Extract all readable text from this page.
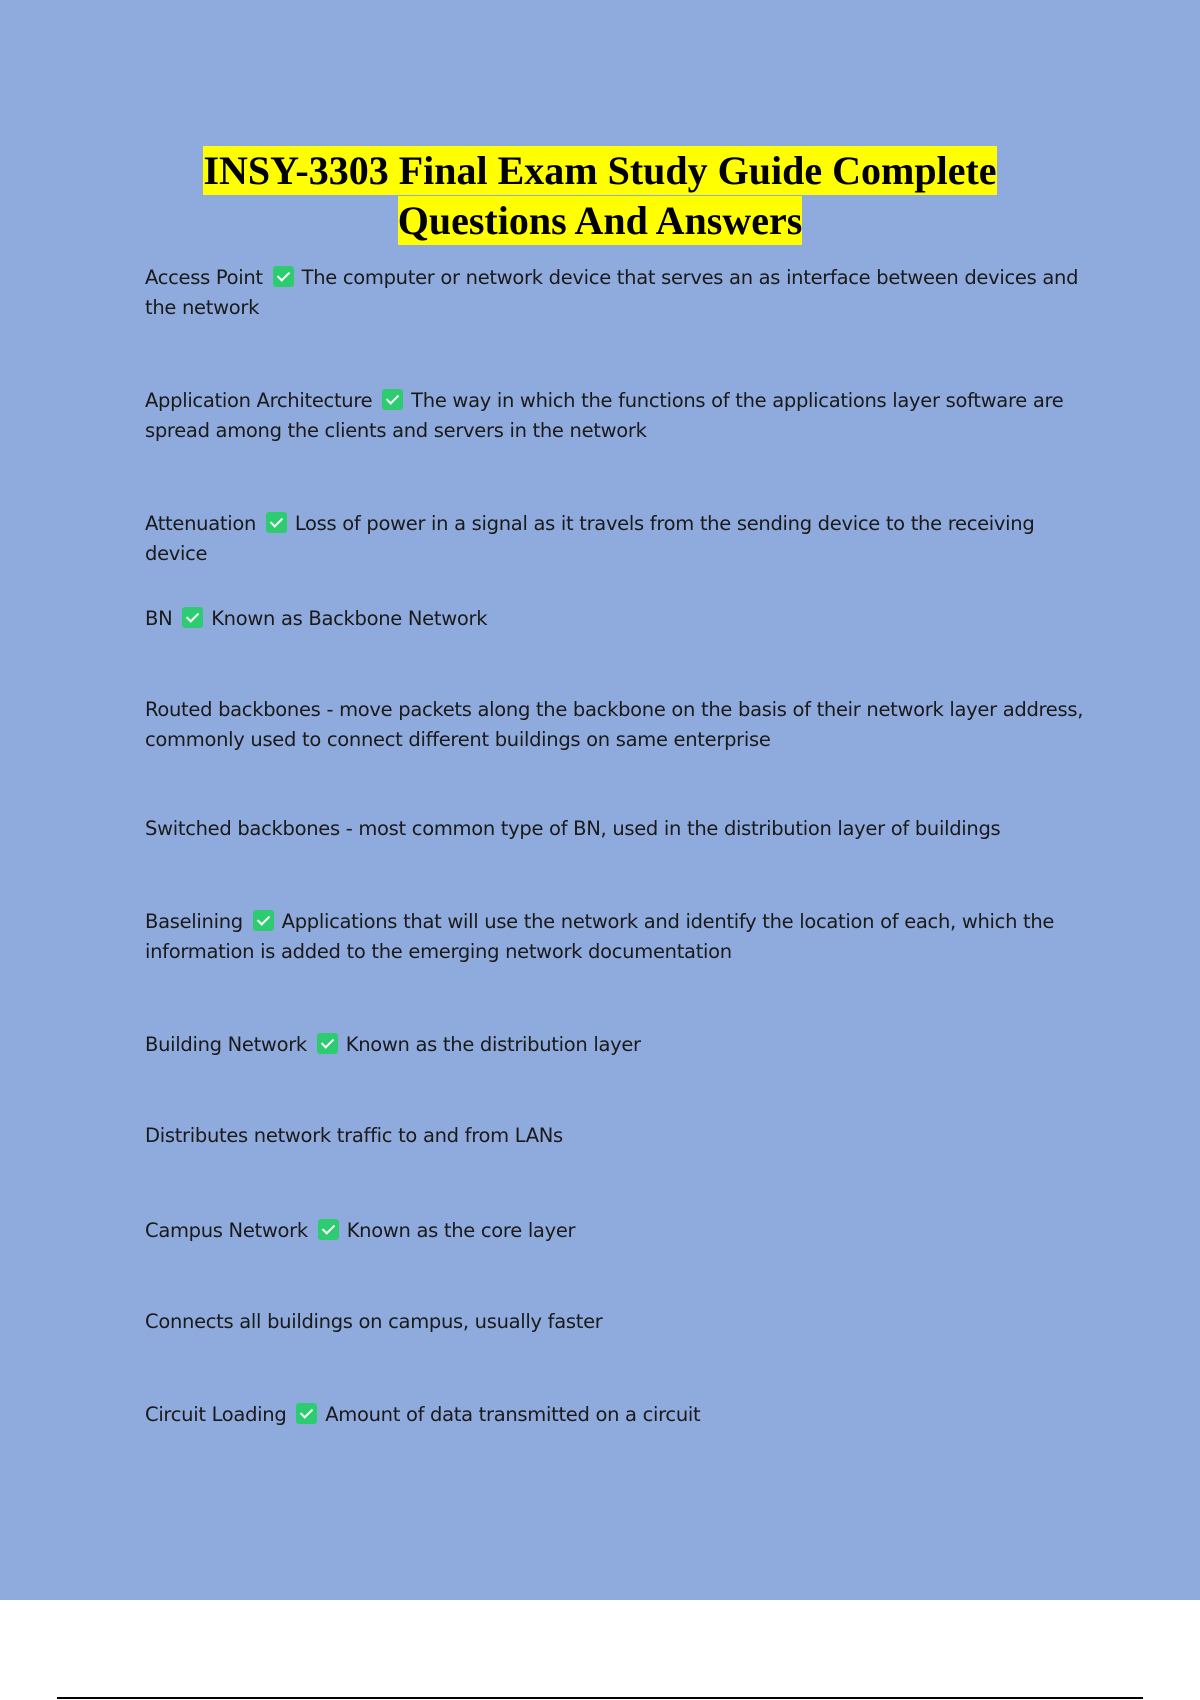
INSY-3303 Final Exam Study Guide Complete
Questions And Answers
Access Point The computer or network device that serves an as interface between devices and the network
Application Architecture The way in which the functions of the applications layer software are spread among the clients and servers in the network
Attenuation Loss of power in a signal as it travels from the sending device to the receiving device
BN Known as Backbone Network
Routed backbones - move packets along the backbone on the basis of their network layer address, commonly used to connect different buildings on same enterprise
Switched backbones - most common type of BN, used in the distribution layer of buildings
Baselining Applications that will use the network and identify the location of each, which the information is added to the emerging network documentation
Building Network Known as the distribution layer
Distributes network traffic to and from LANs
Campus Network Known as the core layer
Connects all buildings on campus, usually faster
Circuit Loading Amount of data transmitted on a circuit
